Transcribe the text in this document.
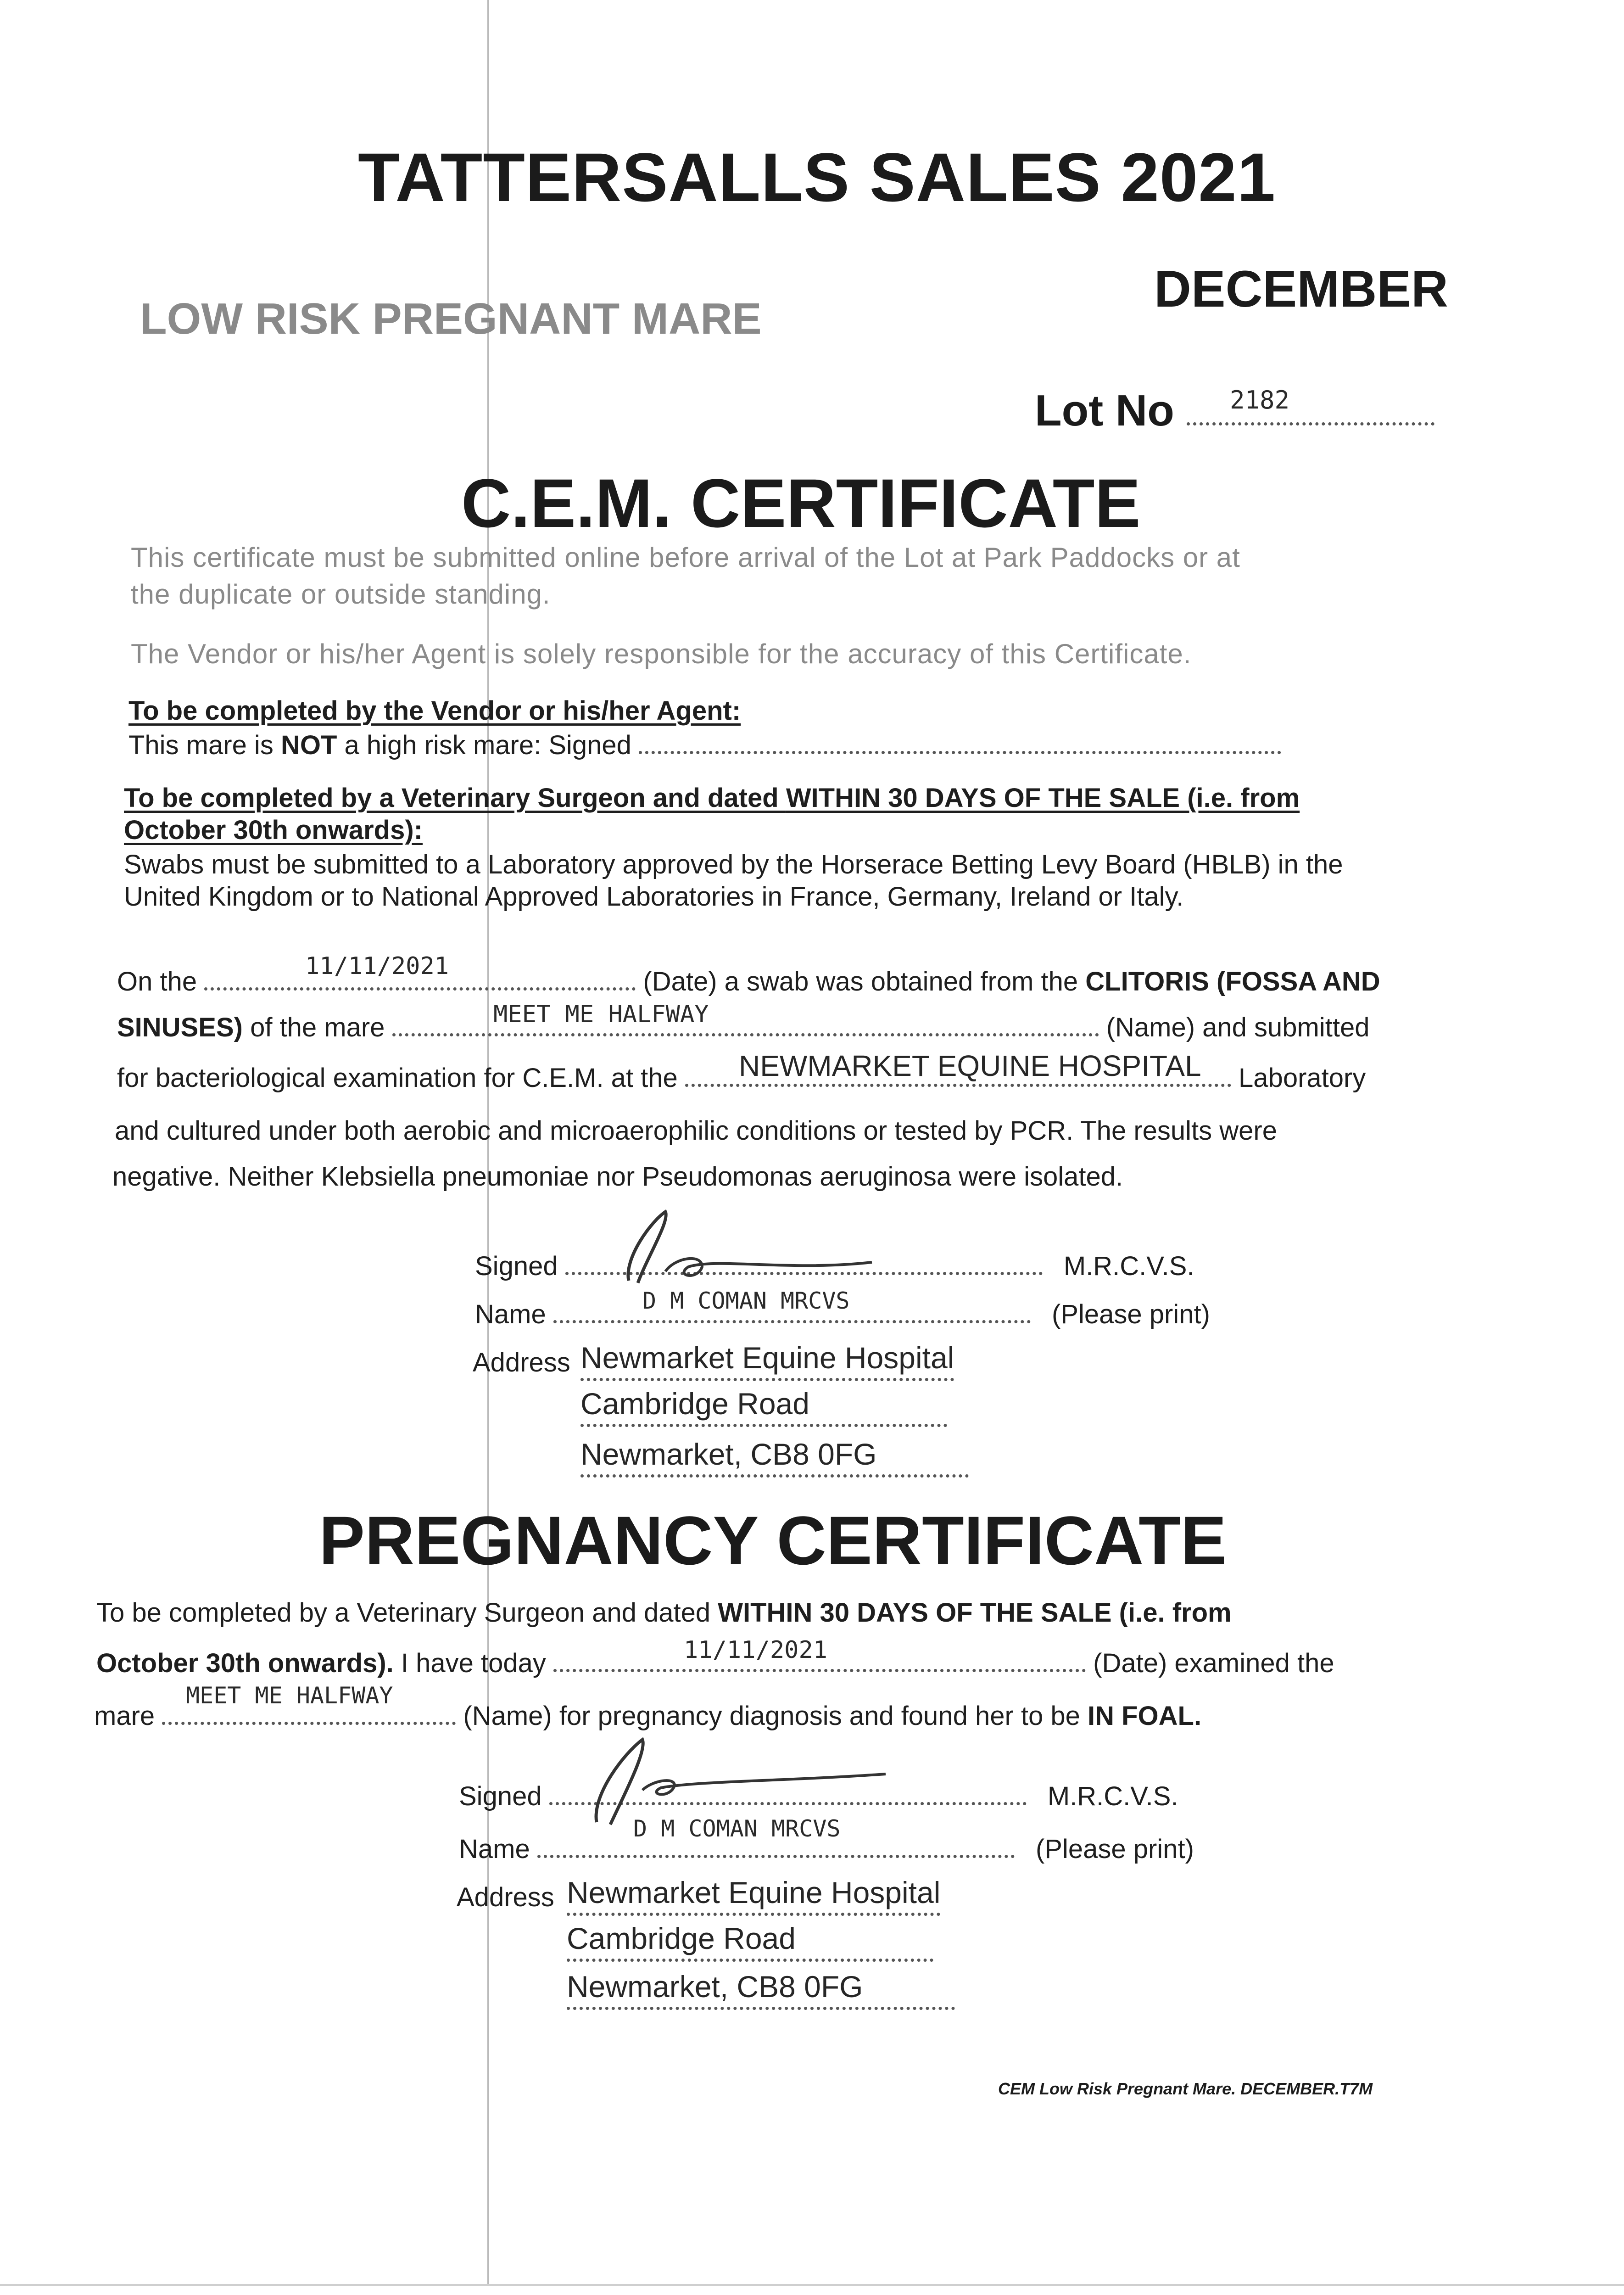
TATTERSALLS SALES 2021
DECEMBER
LOW RISK PREGNANT MARE
Lot No	2182
C.E.M. CERTIFICATE
This certificate must be submitted online before arrival of the Lot at Park Paddocks or at
the duplicate or outside standing.
The Vendor or his/her Agent is solely responsible for the accuracy of this Certificate.
To be completed by the Vendor or his/her Agent:
This mare is NOT a high risk mare: Signed
To be completed by a Veterinary Surgeon and dated WITHIN 30 DAYS OF THE SALE (i.e. from
October 30th onwards):
Swabs must be submitted to a Laboratory approved by the Horserace Betting Levy Board (HBLB) in the
United Kingdom or to National Approved Laboratories in France, Germany, Ireland or Italy.
On the	(Date) a swab was obtained from the CLITORIS (FOSSA AND
11/11/2021
SINUSES) of the mare	(Name) and submitted
MEET ME HALFWAY
for bacteriological examination for C.E.M. at the	Laboratory
NEWMARKET EQUINE HOSPITAL
and cultured under both aerobic and microaerophilic conditions or tested by PCR. The results were
negative. Neither Klebsiella pneumoniae nor Pseudomonas aeruginosa were isolated.
Signed	M.R.C.V.S.
Name	(Please print)
D M COMAN MRCVS
Address Newmarket Equine Hospital
Cambridge Road
Newmarket, CB8 0FG
PREGNANCY CERTIFICATE
To be completed by a Veterinary Surgeon and dated WITHIN 30 DAYS OF THE SALE (i.e. from
October 30th onwards). I have today	(Date) examined the
11/11/2021
mare	(Name) for pregnancy diagnosis and found her to be IN FOAL.
MEET ME HALFWAY
Signed	M.R.C.V.S.
Name	(Please print)
D M COMAN MRCVS
Address Newmarket Equine Hospital
Cambridge Road
Newmarket, CB8 0FG
CEM Low Risk Pregnant Mare. DECEMBER.T7M
